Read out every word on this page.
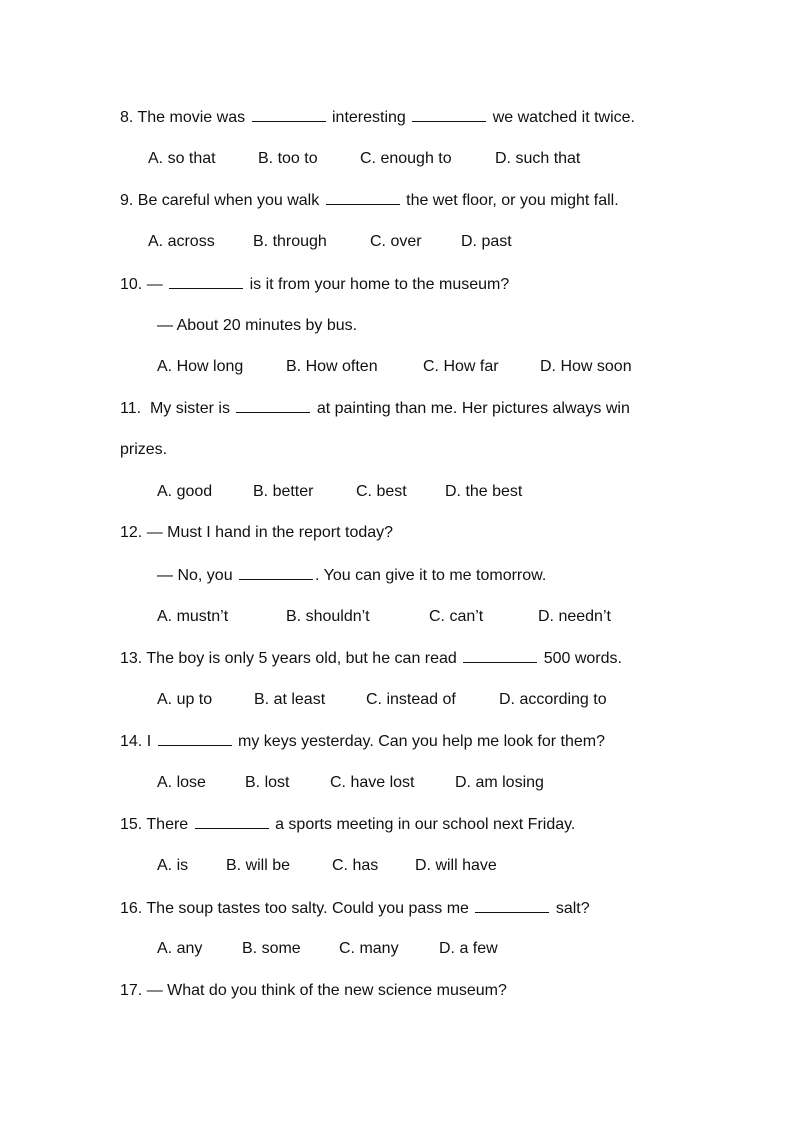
8. The movie was	interesting	we watched it twice.
A. so that	B. too to	C. enough to	D. such that
9. Be careful when you walk	the wet floor, or you might fall.
A. across	B. through	C. over	D. past
10. —	is it from your home to the museum?
— About 20 minutes by bus.
A. How long	B. How often	C. How far	D. How soon
11.  My sister is	at painting than me. Her pictures always win
prizes.
A. good	B. better	C. best	D. the best
12. — Must I hand in the report today?
— No, you	. You can give it to me tomorrow.
A. mustn’t	B. shouldn’t	C. can’t	D. needn’t
13. The boy is only 5 years old, but he can read	500 words.
A. up to	B. at least	C. instead of	D. according to
14. I	my keys yesterday. Can you help me look for them?
A. lose	B. lost	C. have lost	D. am losing
15. There	a sports meeting in our school next Friday.
A. is	B. will be	C. has	D. will have
16. The soup tastes too salty. Could you pass me	salt?
A. any	B. some	C. many	D. a few
17. — What do you think of the new science museum?
